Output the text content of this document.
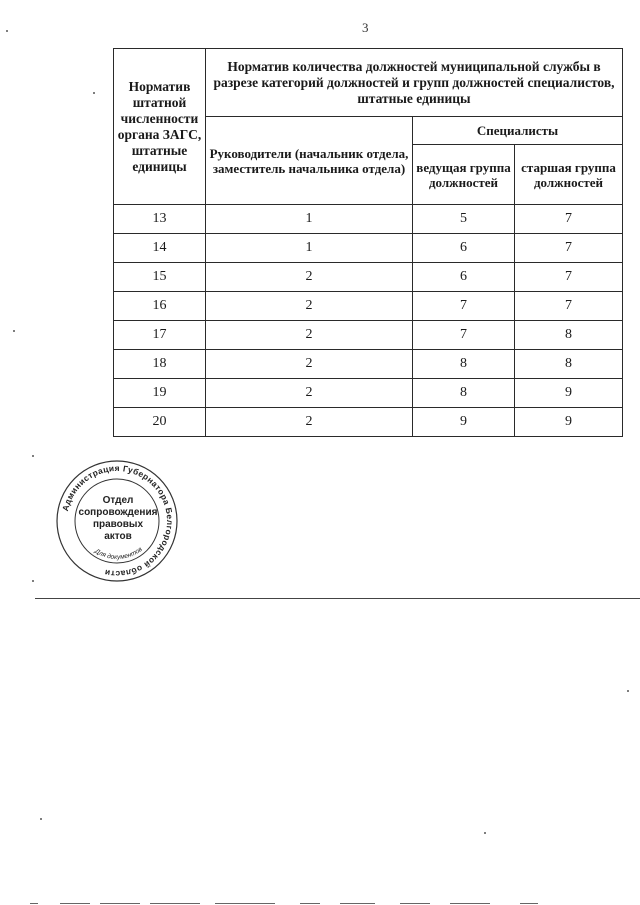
3
Норматив штатной численности органа ЗАГС, штатные единицы	Норматив количества должностей муниципальной службы в разрезе категорий должностей и групп должностей специалистов, штатные единицы		
	Руководители (начальник отдела, заместитель начальника отдела)	Специалисты	
		ведущая группа должностей	старшая группа должностей
13	1	5	7
14	1	6	7
15	2	6	7
16	2	7	7
17	2	7	8
18	2	8	8
19	2	8	9
20	2	9	9
Администрация Губернатора Белгородской области
Для документов
Отдел
сопровождения
правовых
актов
